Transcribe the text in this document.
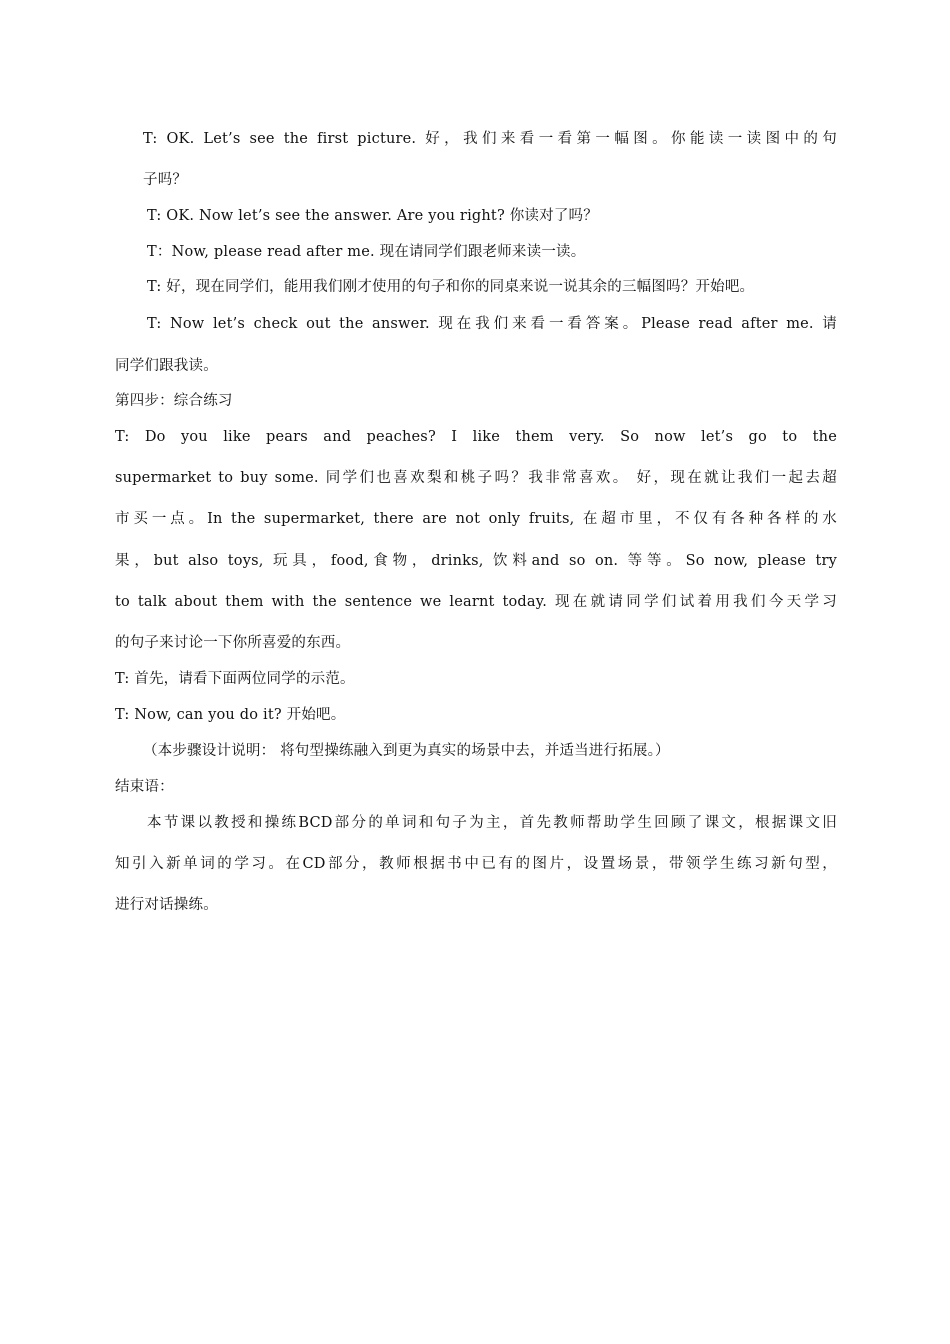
T: OK. Let’s see the first picture. 好，我们来看一看第一幅图。你能读一读图中的句
子吗？
T: OK. Now let’s see the answer. Are you right? 你读对了吗？
T：Now, please read after me. 现在请同学们跟老师来读一读。
T: 好，现在同学们，能用我们刚才使用的句子和你的同桌来说一说其余的三幅图吗？开始吧。
T: Now let’s check out the answer. 现在我们来看一看答案。Please read after me. 请
同学们跟我读。
第四步：综合练习
T: Do you like pears and peaches? I like them very. So now let’s go to the
supermarket to buy some. 同学们也喜欢梨和桃子吗？我非常喜欢。 好，现在就让我们一起去超
市买一点。In the supermarket, there are not only fruits, 在超市里，不仅有各种各样的水
果，but also toys, 玩具，food,食物，drinks, 饮料and so on. 等等。So now, please try
to talk about them with the sentence we learnt today. 现在就请同学们试着用我们今天学习
的句子来讨论一下你所喜爱的东西。
T: 首先，请看下面两位同学的示范。
T: Now, can you do it? 开始吧。
（本步骤设计说明： 将句型操练融入到更为真实的场景中去，并适当进行拓展。）
结束语：
本节课以教授和操练BCD部分的单词和句子为主，首先教师帮助学生回顾了课文，根据课文旧
知引入新单词的学习。在CD部分，教师根据书中已有的图片，设置场景，带领学生练习新句型，
进行对话操练。
